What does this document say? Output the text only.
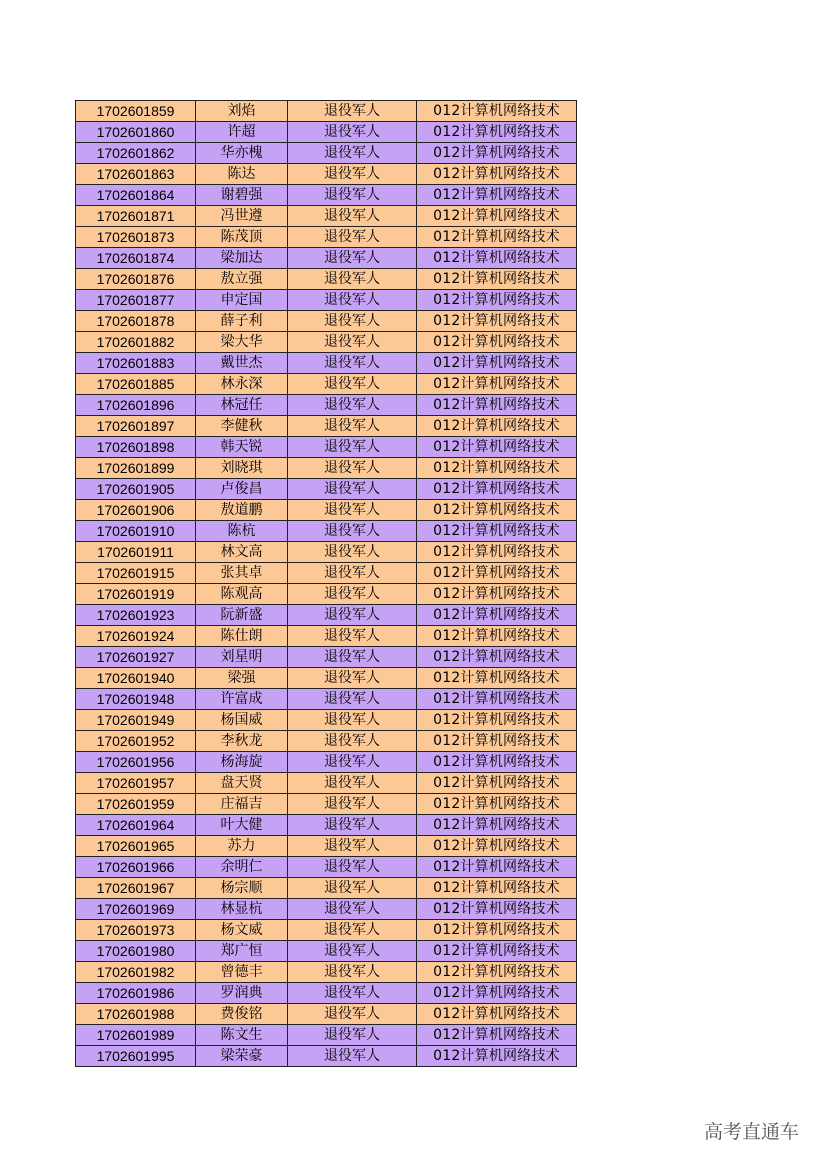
1702601859	刘焰	退役军人	012计算机网络技术
1702601860	许超	退役军人	012计算机网络技术
1702601862	华亦槐	退役军人	012计算机网络技术
1702601863	陈达	退役军人	012计算机网络技术
1702601864	谢碧强	退役军人	012计算机网络技术
1702601871	冯世遵	退役军人	012计算机网络技术
1702601873	陈茂顶	退役军人	012计算机网络技术
1702601874	梁加达	退役军人	012计算机网络技术
1702601876	敖立强	退役军人	012计算机网络技术
1702601877	申定国	退役军人	012计算机网络技术
1702601878	薛子利	退役军人	012计算机网络技术
1702601882	梁大华	退役军人	012计算机网络技术
1702601883	戴世杰	退役军人	012计算机网络技术
1702601885	林永深	退役军人	012计算机网络技术
1702601896	林冠任	退役军人	012计算机网络技术
1702601897	李健秋	退役军人	012计算机网络技术
1702601898	韩天锐	退役军人	012计算机网络技术
1702601899	刘晓琪	退役军人	012计算机网络技术
1702601905	卢俊昌	退役军人	012计算机网络技术
1702601906	敖道鹏	退役军人	012计算机网络技术
1702601910	陈杭	退役军人	012计算机网络技术
1702601911	林文高	退役军人	012计算机网络技术
1702601915	张其卓	退役军人	012计算机网络技术
1702601919	陈观高	退役军人	012计算机网络技术
1702601923	阮新盛	退役军人	012计算机网络技术
1702601924	陈仕朗	退役军人	012计算机网络技术
1702601927	刘星明	退役军人	012计算机网络技术
1702601940	梁强	退役军人	012计算机网络技术
1702601948	许富成	退役军人	012计算机网络技术
1702601949	杨国威	退役军人	012计算机网络技术
1702601952	李秋龙	退役军人	012计算机网络技术
1702601956	杨海旋	退役军人	012计算机网络技术
1702601957	盘天贤	退役军人	012计算机网络技术
1702601959	庄福吉	退役军人	012计算机网络技术
1702601964	叶大健	退役军人	012计算机网络技术
1702601965	苏力	退役军人	012计算机网络技术
1702601966	余明仁	退役军人	012计算机网络技术
1702601967	杨宗顺	退役军人	012计算机网络技术
1702601969	林显杭	退役军人	012计算机网络技术
1702601973	杨文威	退役军人	012计算机网络技术
1702601980	郑广恒	退役军人	012计算机网络技术
1702601982	曾德丰	退役军人	012计算机网络技术
1702601986	罗润典	退役军人	012计算机网络技术
1702601988	费俊铭	退役军人	012计算机网络技术
1702601989	陈文生	退役军人	012计算机网络技术
1702601995	梁荣豪	退役军人	012计算机网络技术
高考直通车
